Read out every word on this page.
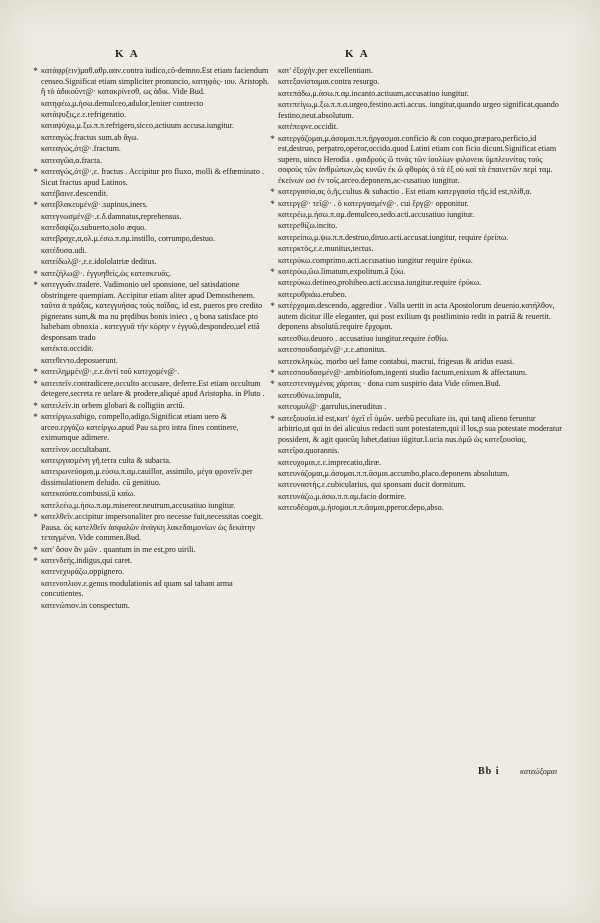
K A	K A
* κατάφρ(ειν)μαθ.αθρ.ααν.contra iudico,cō-demno.Est etiam faciendum censeo.Significat etiam simpliciter pronuncio, κατηφός- ιου. Aristoph. ἢ τὸ ἀδικοῦντ@· κατακρίνεσθ, ως ἀδικ. Vide Bud.
κατηφέω,μ.ήσω.demulceo,adulor,leniter contrecto
κατάψυξις,ε.ε.refrigeratio.
καταψύχω,μ.ξω.π.π.refrigero,sicco,actiuum accusa.iungitur.
κατεαγώς.fractus sum.ab ἄγω.
κατεαγὼς,ότ@·.fractum.
κατεαγῶα,α.fracta.
* κατεαγώς,ότ@·,ε. fractus . Accipitur pro fluxo, molli & effœminato . Sicut fractus apud Latinos.
κατέβαινε.descendit.
* κατεβλακευμέν@·.supinus,iners.
κατεγνωσμέν@·.ε.δ.damnatus,reprehensus.
κατεδαφίζω.subuerto,solo æquo.
κατεβραχε,α,ολ.μ.έσω.π.αμ.instillo, corrumpo,destuo.
κατέδυσα.udi.
κατείδωλ@·,ε.ε.idololatriæ deditus.
* κατεζήλω@·. ἐγγυηθεὶς,ὡς κατεσκευᾶς.
* κατεγγυᾶν.tradere. Vadimonio uel sponsione, uel satisdatione obstringere quempiam. Accipitur etiam aliter apud Demosthenem. ταῦτα ἀ πράξας, κατεγγυήσας τοὺς παῖδας, id est, pueros pro credito pignerans sum,& ma nu prędibus bonis iniecı , q bona satisface pto habebam obnoxia . κατεγγυᾶ τὴν κόρην ν ἐγγυῶ,despondeo,uel etiā desponsam trado
κατέκτα.occidit.
κατεθεντο.deposuerunt.
* κατειλημμέν@·,ε.ε.ἀντὶ τοῦ κατεχομέν@·.
* κατειπεῖν.contradicere,occulto accusare, deferre.Est etiam occultum detegere,secreta re uelare & prodere,aliqué apud Aristopha. in Pluto .
* κατειλεῖν.in orbem globari & colligiin arctū.
* κατείργω.subigo, compello,adigo.Significat etiam uero & arceo.εργάζω κατείργω.apud Pau sa.pro intra fines continere, eximumque adimere.
κατεῖνον.occultabant.
κατειργασμένη γῆ.terra culta & subacta.
κατειρωνεύομαι,μ.εύσω.π.αμ.cauillor, assimilo, μέγα φρονεῖν.per dissimulationem deludo. cū genitiuo.
κατεκαύσα.combussi,ū καίω.
κατελεέω,μ.ήσω.π.αμ.misereor.neutrum,accusatiuo iungitur.
* κατελθεῖν.accipitur impersonaliter pro necesse fuit,necessitas coegit. Pausa. ὡς κατελθεῖν ἀσφαλῶν ἀνάγκη λακεδαιμονίων ὡς δεκάτην τεταγμένα. Vide commen.Bud.
* κατ' ὅσον ἂν μῶν . quantum in me est,pro uirili.
* κατενδεής.indigus,qui caret.
κατενεχυράζω.oppignero.
κατενοπλιον.ε.genus modulationis ad quam sal tabant arma concutientes.
κατενώπιον.in conspectum.
κατ' ἐξοχὴν.per excellentiam.
κατεξανίσταμαι.contra resurgo.
κατεπάδω,μ.άσω.π.αμ.incanto.actiuum,accusatiuo iungitur.
κατεπείγω,μ.ξω.π.π.α.urgeo,festino.acti.accus. iungitur,quando urgeo significat,quando festino,neut.absolutum.
κατέπεφνε.occidit.
* κατεργάζομαι,μ.άσομαι.π.π.ἠργασμαι.conficio & con coquo,præparo,perficio,id est,destruo, perpatro,operor,occido.quod Latini etiam con ficio dicunt.Significat etiam supero, uinco Herodia . φαιδροὺς ὥ τινάς τῶν ἰουλίων φιλονεικ ῦμπλευνίτας τούς σοφοὺς τῶν ἀνθρώπων,ὡς κυνῶν ἐκ ῶ φθορὰς ὁ τὰ ἐξ οὐ καὶ τὰ ἐπαινετῶν περὶ ταμ. ἐκείνων ωσ ἐν τοῖς.arceo.deponens,ac-cusatiuo iungitur.
* κατεργασία,ας ὁ,ῆς.cultus & subactio . Est etiam κατεργασία τῆς.id est,πλίθ,α.
* κατεργ@· τεῖ@· . ὁ κατεργασμέν@·. cui ἔργ@· opponitur.
κατερέω,μ.ήσω.π.αμ.demulceo,sedo.acti.accusatiuo iungitur.
κατερεθίζω.incito.
κατερείπω,μ.ψω.π.π.destruo,diruo.acti.accusat.iungitur, require ἐρείπω.
κατερκτὸς,ε.ε.munitus,tectus.
κατερύκω.comprimo.acti.accusatiuo iungitur require ἐρύκω.
* κατερύω,ῶω.limatum,expolitum.ā ξύω.
κατερύκω.detineo,prohibeo.acti.accusa.iungitur.require ἐρύκω.
κατερυθριάω.erubeo.
* κατέρχομαι.descendo, aggredior . Valla uertit in acta Apostolorum deuenio.κατήλθον, autem dicitur ille eleganter, qui post exilium q̄s postliminio redit in patriā & reuertit. deponens absolutū.require ἔρχομαι.
κατεσθίω.deuoro . accusatiuo iungitur.require ἐσθίω.
κατεσπουδασμέν@·,ε.ε.attonitus.
κατεσκληκὼς. morbo uel fame contabui, macrui, frigesus & aridus euasi.
* κατεσπουδασμέν@·.ambitiofum,ingenti studio factum,enixum & affectatum.
* κατεστεναγμένας χάριτας · dona cum suspirio data Vide cōmen.Bud.
κατευθύνω.impulit,
κατευμυλ@·.garrulus,ineruditus .
* κατεξουσία.id est,κατ' ὀχεῖ εἶ ὑμῶν. uerbū peculiare iis, qui tanq̄ alieno feruntur arbitrio,ut qui in dei alicuius redacti sunt potestatem,qui il los,p sua potestate moderatur possident, & agit quocūq lubet,datiuo iūgitur.Lucia nus.ὁμῶ ὡς κατεξουσίας.
κατεῖρα.quorannis.
κατευχομαι,ε.ε.imprecatio,diræ.
κατευνάζομαι,μ.άσομαι.π.π.ᾶσμαι.accumbo,placo.deponens absolutum.
κατευναστής.ε.cubicularius, qui sponsam ducit dormitum.
κατευνάζω,μ.άσω.π.π.αμ.facio dormire.
κατευδέομαι,μ.ήσομαι.π.π.ᾶσμαι,pperor.depo,abso.
Bb i	κατεώξομαι
